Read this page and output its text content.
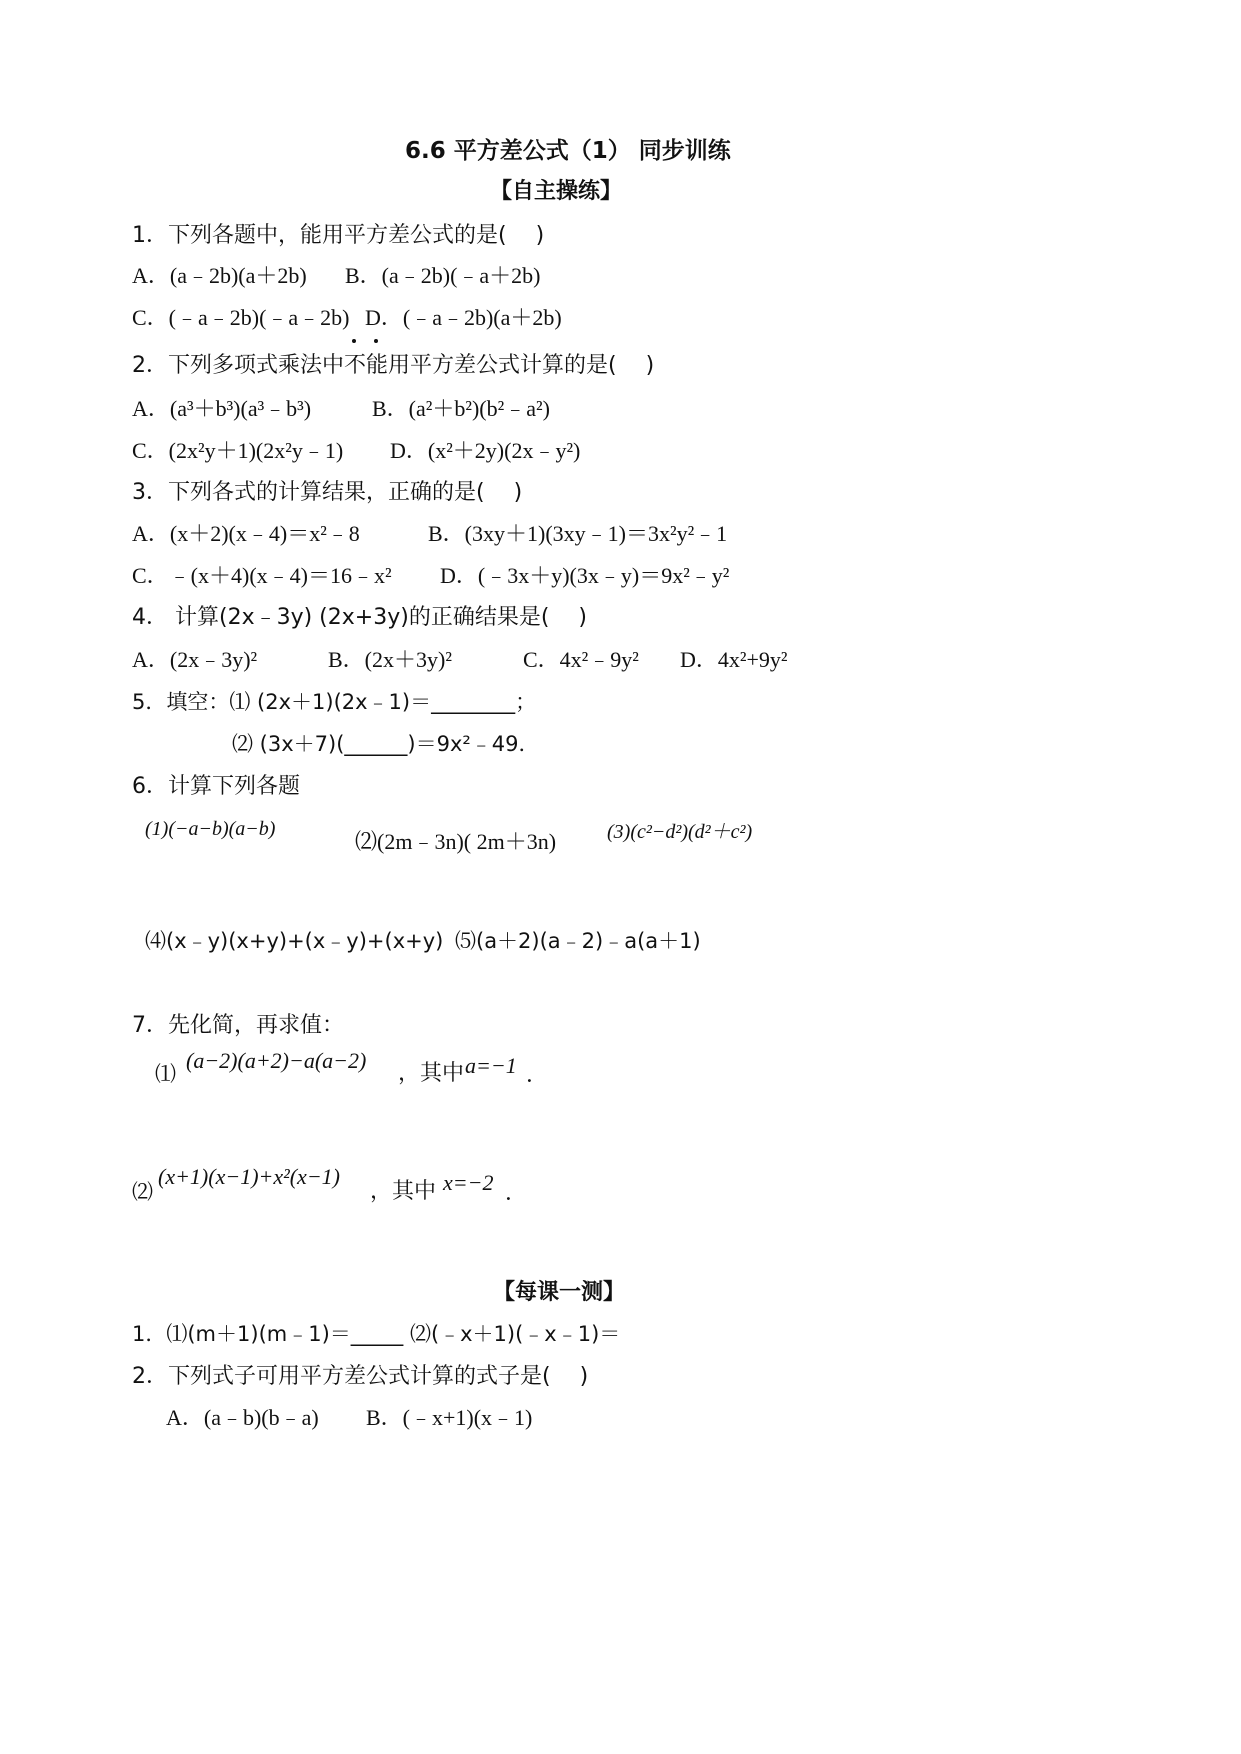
6.6 平方差公式（1） 同步训练
【自主操练】
1．下列各题中，能用平方差公式的是(　 )
A．(a﹣2b)(a＋2b) B．(a﹣2b)(﹣a＋2b)
C．(﹣a﹣2b)(﹣a﹣2b) D．(﹣a﹣2b)(a＋2b)
2．下列多项式乘法中不能用平方差公式计算的是(　 )
A．(a³＋b³)(a³﹣b³)	B．(a²＋b²)(b²﹣a²)
C．(2x²y＋1)(2x²y﹣1) D．(x²＋2y)(2x﹣y²)
3．下列各式的计算结果，正确的是(　 )
A．(x＋2)(x﹣4)＝x²﹣8	B．(3xy＋1)(3xy﹣1)＝3x²y²﹣1
C．﹣(x＋4)(x﹣4)＝16﹣x² D．(﹣3x＋y)(3x﹣y)＝9x²﹣y²
4． 计算(2x﹣3y) (2x+3y)的正确结果是(　 )
A．(2x﹣3y)²	B．(2x＋3y)²	C．4x²﹣9y² D．4x²+9y²
5．填空：⑴ (2x＋1)(2x﹣1)＝________；
⑵ (3x＋7)(______)＝9x²﹣49．
6．计算下列各题
(1)(−a−b)(a−b)	⑵(2m﹣3n)( 2m＋3n)	(3)(c²−d²)(d²＋c²)
⑷(x﹣y)(x+y)+(x﹣y)+(x+y) ⑸(a＋2)(a﹣2)﹣a(a＋1)
7．先化简，再求值：
⑴
(a−2)(a+2)−a(a−2)
，其中 a=−1 ．
⑵
(x+1)(x−1)+x²(x−1)
，其中 x=−2 ．
【每课一测】
1．⑴(m＋1)(m﹣1)＝_____ ⑵(﹣x＋1)(﹣x﹣1)＝
2．下列式子可用平方差公式计算的式子是(　 )
A．(a﹣b)(b﹣a) B．(﹣x+1)(x﹣1)
